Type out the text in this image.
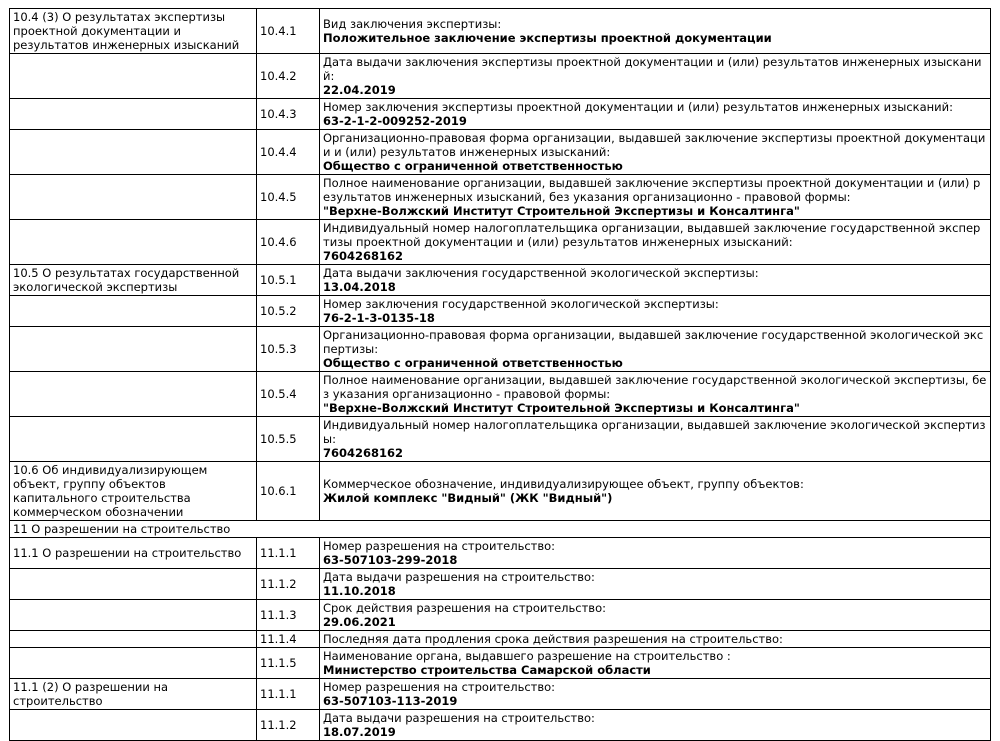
10.4 (3) О результатах экспертизы проектной документации и результатов инженерных изысканий	10.4.1	Вид заключения экспертизы:
Положительное заключение экспертизы проектной документации

	10.4.2	Дата выдачи заключения экспертизы проектной документации и (или) результатов инженерных изысканий:
22.04.2019

	10.4.3	Номер заключения экспертизы проектной документации и (или) результатов инженерных изысканий:
63-2-1-2-009252-2019

	10.4.4	Организационно-правовая форма организации, выдавшей заключение экспертизы проектной документации и (или) результатов инженерных изысканий:
Общество с ограниченной ответственностью

	10.4.5	Полное наименование организации, выдавшей заключение экспертизы проектной документации и (или) результатов инженерных изысканий, без указания организационно - правовой формы:
"Верхне-Волжский Институт Строительной Экспертизы и Консалтинга"

	10.4.6	Индивидуальный номер налогоплательщика организации, выдавшей заключение государственной экспертизы проектной документации и (или) результатов инженерных изысканий:
7604268162

10.5 О результатах государственной экологической экспертизы	10.5.1	Дата выдачи заключения государственной экологической экспертизы:
13.04.2018

	10.5.2	Номер заключения государственной экологической экспертизы:
76-2-1-3-0135-18

	10.5.3	Организационно-правовая форма организации, выдавшей заключение государственной экологической экспертизы:
Общество с ограниченной ответственностью

	10.5.4	Полное наименование организации, выдавшей заключение государственной экологической экспертизы, без указания организационно - правовой формы:
"Верхне-Волжский Институт Строительной Экспертизы и Консалтинга"

	10.5.5	Индивидуальный номер налогоплательщика организации, выдавшей заключение экологической экспертизы:
7604268162

10.6 Об индивидуализирующем объект, группу объектов капитального строительства коммерческом обозначении	10.6.1	Коммерческое обозначение, индивидуализирующее объект, группу объектов:
Жилой комплекс "Видный" (ЖК "Видный")

11 О разрешении на строительство		
11.1 О разрешении на строительство	11.1.1	Номер разрешения на строительство:
63-507103-299-2018

	11.1.2	Дата выдачи разрешения на строительство:
11.10.2018

	11.1.3	Срок действия разрешения на строительство:
29.06.2021

	11.1.4	Последняя дата продления срока действия разрешения на строительство:

	11.1.5	Наименование органа, выдавшего разрешение на строительство :
Министерство строительства Самарской области

11.1 (2) О разрешении на строительство	11.1.1	Номер разрешения на строительство:
63-507103-113-2019

	11.1.2	Дата выдачи разрешения на строительство:
18.07.2019
